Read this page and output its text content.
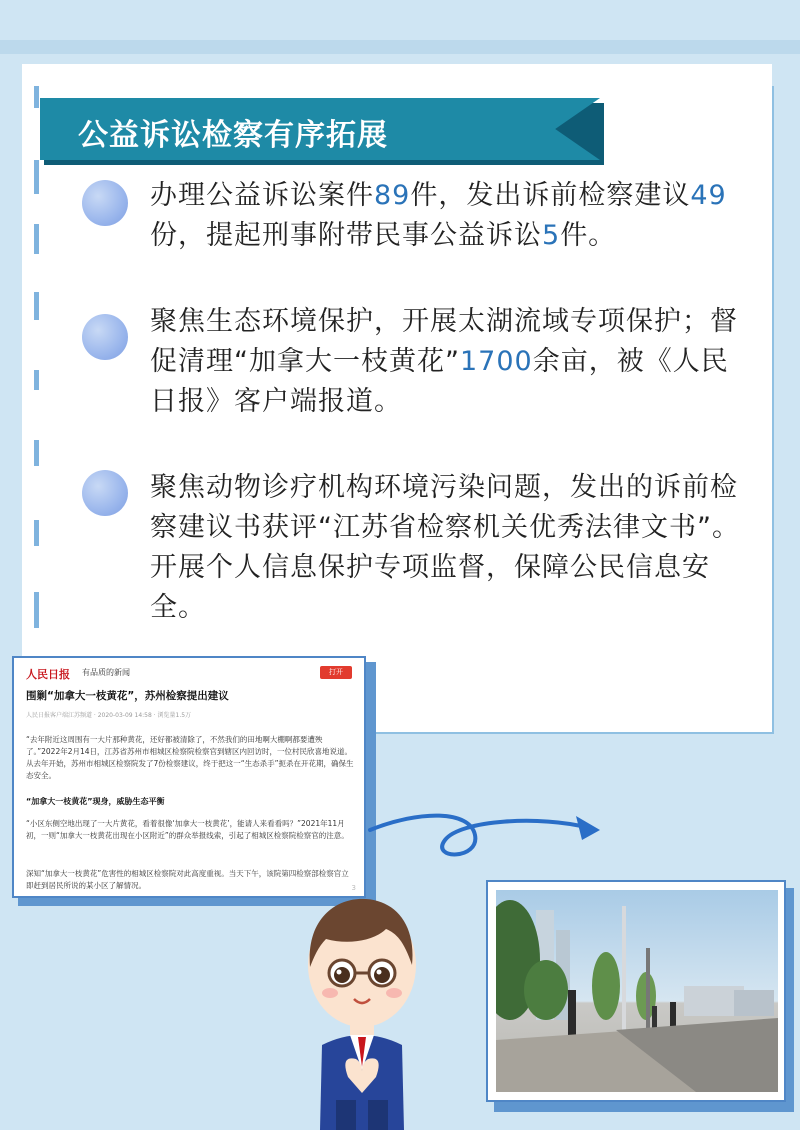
公益诉讼检察有序拓展
办理公益诉讼案件89件，发出诉前检察建议49份，提起刑事附带民事公益诉讼5件。
聚焦生态环境保护，开展太湖流域专项保护；督促清理“加拿大一枝黄花”1700余亩，被《人民日报》客户端报道。
聚焦动物诊疗机构环境污染问题，发出的诉前检察建议书获评“江苏省检察机关优秀法律文书”。开展个人信息保护专项监督，保障公民信息安全。
人民日报 有品质的新闻	打开
围剿“加拿大一枝黄花”，苏州检察提出建议
人民日报客户端江苏频道 · 2020-03-09 14:58 · 浏览量1.5万
“去年附近这周围有一大片那种黄花，还好都被清除了，不然我们的田地啊大棚啊都要遭殃了。”2022年2月14日，江苏省苏州市相城区检察院检察官到辖区内回访时，一位村民欣喜地说道。从去年开始，苏州市相城区检察院发了7份检察建议，终于把这一“生态杀手”扼杀在开花期，确保生态安全。
“加拿大一枝黄花”现身，威胁生态平衡
“小区东侧空地出现了一大片黄花，看着很像‘加拿大一枝黄花’，能请人来看看吗？”2021年11月初，一则“加拿大一枝黄花出现在小区附近”的群众举报线索，引起了相城区检察院检察官的注意。
深知“加拿大一枝黄花”危害性的相城区检察院对此高度重视。当天下午，该院第四检察部检察官立即赶到居民所说的某小区了解情况。	3
